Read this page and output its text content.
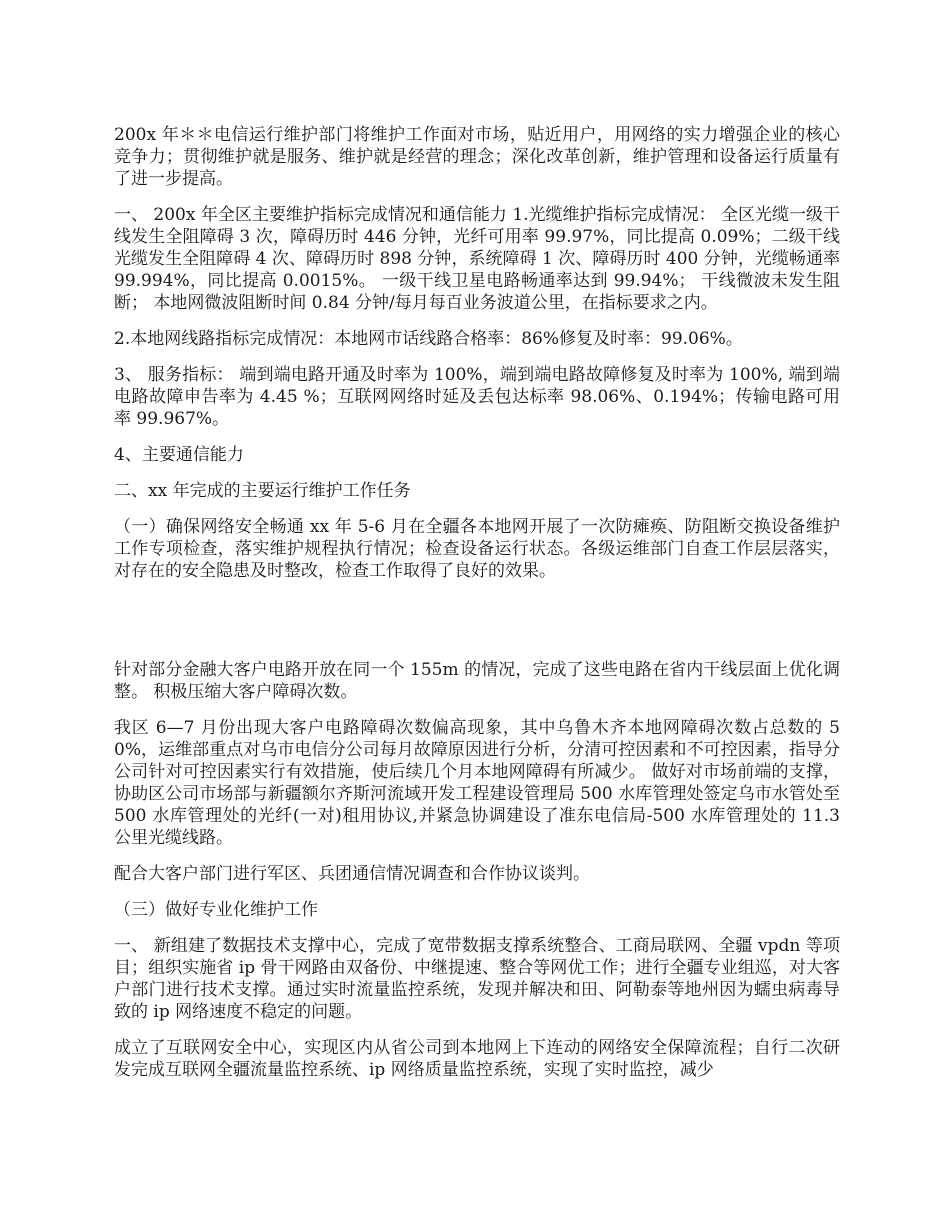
200x 年＊＊电信运行维护部门将维护工作面对市场，贴近用户，用网络的实力增强企业的核心竞争力；贯彻维护就是服务、维护就是经营的理念；深化改革创新，维护管理和设备运行质量有了进一步提高。

一、 200x 年全区主要维护指标完成情况和通信能力 1.光缆维护指标完成情况： 全区光缆一级干线发生全阻障碍 3 次，障碍历时 446 分钟，光纤可用率 99.97%，同比提高 0.09%；二级干线光缆发生全阻障碍 4 次、障碍历时 898 分钟，系统障碍 1 次、障碍历时 400 分钟，光缆畅通率 99.994%，同比提高 0.0015%。 一级干线卫星电路畅通率达到 99.94%； 干线微波未发生阻断； 本地网微波阻断时间 0.84 分钟/每月每百业务波道公里，在指标要求之内。

2.本地网线路指标完成情况：本地网市话线路合格率：86%修复及时率：99.06%。

3、 服务指标： 端到端电路开通及时率为 100%，端到端电路故障修复及时率为 100%, 端到端电路故障申告率为 4.45 %；互联网网络时延及丢包达标率 98.06%、0.194%；传输电路可用率 99.967%。

4、主要通信能力

二、xx 年完成的主要运行维护工作任务

（一）确保网络安全畅通 xx 年 5-6 月在全疆各本地网开展了一次防瘫痪、防阻断交换设备维护工作专项检查，落实维护规程执行情况；检查设备运行状态。各级运维部门自查工作层层落实，对存在的安全隐患及时整改，检查工作取得了良好的效果。

针对部分金融大客户电路开放在同一个 155m 的情况，完成了这些电路在省内干线层面上优化调整。 积极压缩大客户障碍次数。

我区 6—7 月份出现大客户电路障碍次数偏高现象，其中乌鲁木齐本地网障碍次数占总数的 50%，运维部重点对乌市电信分公司每月故障原因进行分析，分清可控因素和不可控因素，指导分公司针对可控因素实行有效措施，使后续几个月本地网障碍有所减少。 做好对市场前端的支撑，协助区公司市场部与新疆额尔齐斯河流域开发工程建设管理局 500 水库管理处签定乌市水管处至 500 水库管理处的光纤(一对)租用协议,并紧急协调建设了准东电信局-500 水库管理处的 11.3 公里光缆线路。

配合大客户部门进行军区、兵团通信情况调查和合作协议谈判。

（三）做好专业化维护工作

一、 新组建了数据技术支撑中心，完成了宽带数据支撑系统整合、工商局联网、全疆 vpdn 等项目；组织实施省 ip 骨干网路由双备份、中继提速、整合等网优工作；进行全疆专业组巡，对大客户部门进行技术支撑。通过实时流量监控系统，发现并解决和田、阿勒泰等地州因为蠕虫病毒导致的 ip 网络速度不稳定的问题。

成立了互联网安全中心，实现区内从省公司到本地网上下连动的网络安全保障流程；自行二次研发完成互联网全疆流量监控系统、ip 网络质量监控系统，实现了实时监控，减少
